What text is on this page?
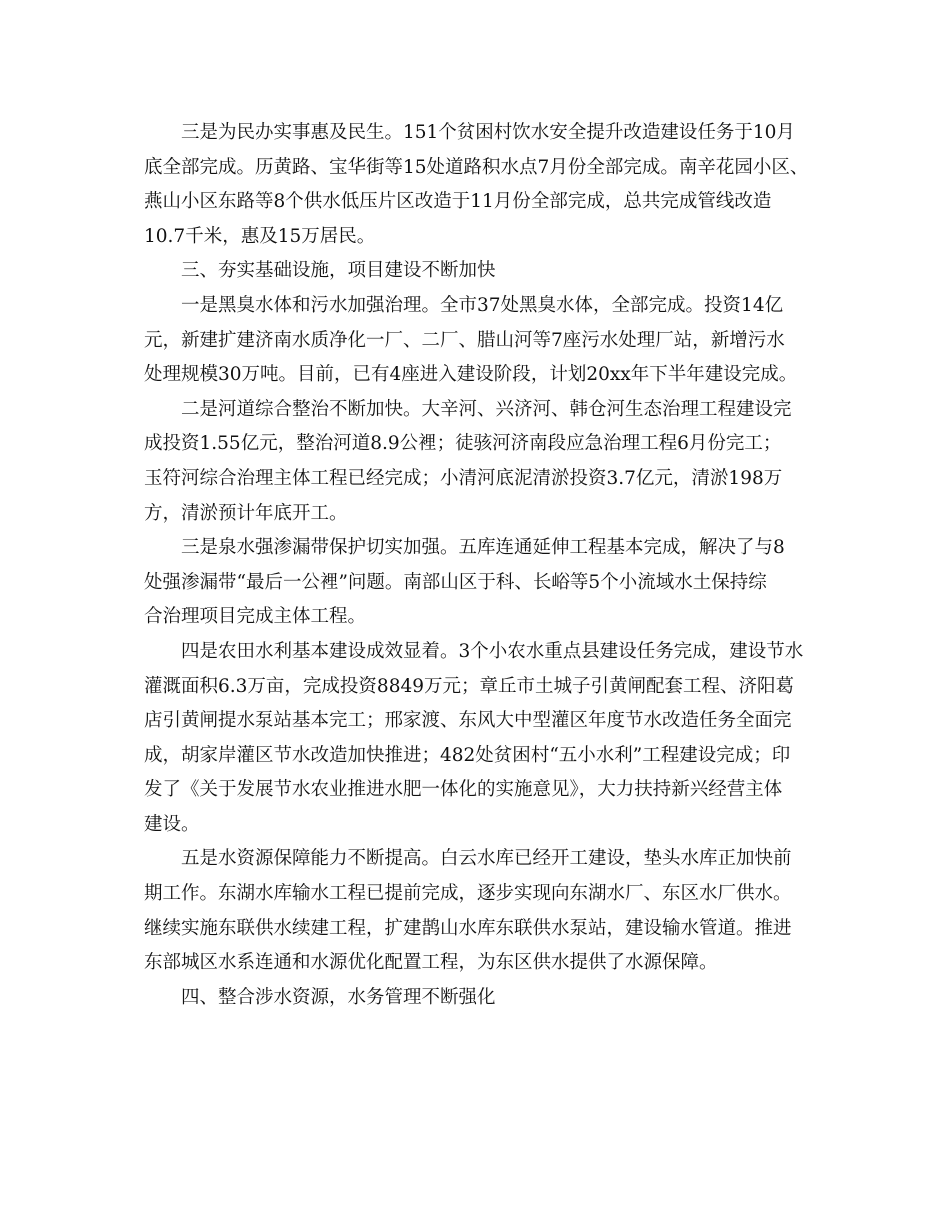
三是为民办实事惠及民生。151个贫困村饮水安全提升改造建设任务于10月
底全部完成。历黄路、宝华街等15处道路积水点7月份全部完成。南辛花园小区、
燕山小区东路等8个供水低压片区改造于11月份全部完成，总共完成管线改造
10.7千米，惠及15万居民。

三、夯实基础设施，项目建设不断加快

一是黑臭水体和污水加强治理。全市37处黑臭水体，全部完成。投资14亿
元，新建扩建济南水质净化一厂、二厂、腊山河等7座污水处理厂站，新增污水
处理规模30万吨。目前，已有4座进入建设阶段，计划20xx年下半年建设完成。

二是河道综合整治不断加快。大辛河、兴济河、韩仓河生态治理工程建设完
成投资1.55亿元，整治河道8.9公裡；徒骇河济南段应急治理工程6月份完工；
玉符河综合治理主体工程已经完成；小清河底泥清淤投资3.7亿元，清淤198万
方，清淤预计年底开工。

三是泉水强渗漏带保护切实加强。五库连通延伸工程基本完成，解决了与8
处强渗漏带“最后一公裡”问题。南部山区于科、长峪等5个小流域水土保持综
合治理项目完成主体工程。

四是农田水利基本建设成效显着。3个小农水重点县建设任务完成，建设节水
灌溉面积6.3万亩，完成投资8849万元；章丘市土城子引黄闸配套工程、济阳葛
店引黄闸提水泵站基本完工；邢家渡、东风大中型灌区年度节水改造任务全面完
成，胡家岸灌区节水改造加快推进；482处贫困村“五小水利”工程建设完成；印
发了《关于发展节水农业推进水肥一体化的实施意见》，大力扶持新兴经营主体
建设。

五是水资源保障能力不断提高。白云水库已经开工建设，垫头水库正加快前
期工作。东湖水库输水工程已提前完成，逐步实现向东湖水厂、东区水厂供水。
继续实施东联供水续建工程，扩建鹊山水库东联供水泵站，建设输水管道。推进
东部城区水系连通和水源优化配置工程，为东区供水提供了水源保障。

四、整合涉水资源，水务管理不断强化
